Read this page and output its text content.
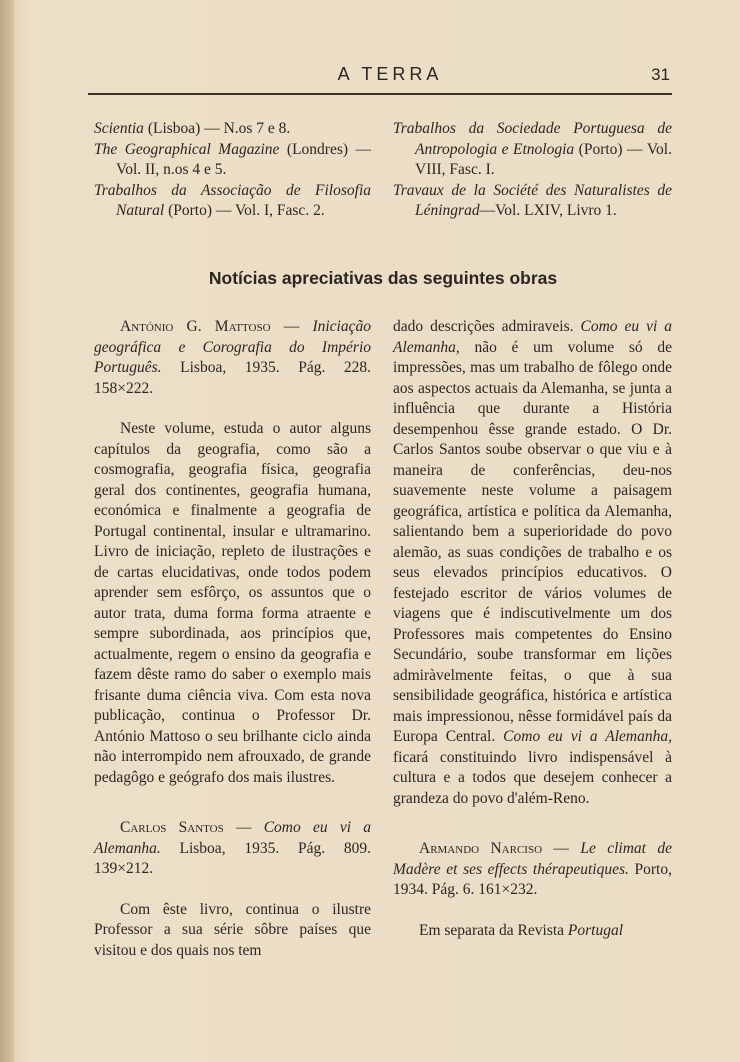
A TERRA	31

Scientia (Lisboa) — N.os 7 e 8.

The Geographical Magazine (Londres) — Vol. II, n.os 4 e 5.

Trabalhos da Associação de Filosofia Natural (Porto) — Vol. I, Fasc. 2.

Trabalhos da Sociedade Portuguesa de Antropologia e Etnologia (Porto) — Vol. VIII, Fasc. I.

Travaux de la Société des Naturalistes de Léningrad—Vol. LXIV, Livro 1.

Notícias apreciativas das seguintes obras

António G. Mattoso — Iniciação geográfica e Corografia do Império Português. Lisboa, 1935. Pág. 228. 158×222.

Neste volume, estuda o autor alguns capítulos da geografia, como são a cosmografia, geografia física, geografia geral dos continentes, geografia humana, económica e finalmente a geografia de Portugal continental, insular e ultramarino. Livro de iniciação, repleto de ilustrações e de cartas elucidativas, onde todos podem aprender sem esfôrço, os assuntos que o autor trata, duma forma forma atraente e sempre subordinada, aos princípios que, actualmente, regem o ensino da geografia e fazem dêste ramo do saber o exemplo mais frisante duma ciência viva. Com esta nova publicação, continua o Professor Dr. António Mattoso o seu brilhante ciclo ainda não interrompido nem afrouxado, de grande pedagôgo e geógrafo dos mais ilustres.

Carlos Santos — Como eu vi a Alemanha. Lisboa, 1935. Pág. 809. 139×212.

Com êste livro, continua o ilustre Professor a sua série sôbre países que visitou e dos quais nos tem

dado descrições admiraveis. Como eu vi a Alemanha, não é um volume só de impressões, mas um trabalho de fôlego onde aos aspectos actuais da Alemanha, se junta a influência que durante a História desempenhou êsse grande estado. O Dr. Carlos Santos soube observar o que viu e à maneira de conferências, deu-nos suavemente neste volume a paisagem geográfica, artística e política da Alemanha, salientando bem a superioridade do povo alemão, as suas condições de trabalho e os seus elevados princípios educativos. O festejado escritor de vários volumes de viagens que é indiscutivelmente um dos Professores mais competentes do Ensino Secundário, soube transformar em lições admiràvelmente feitas, o que à sua sensibilidade geográfica, histórica e artística mais impressionou, nêsse formidável país da Europa Central. Como eu vi a Alemanha, ficará constituindo livro indispensável à cultura e a todos que desejem conhecer a grandeza do povo d'além-Reno.

Armando Narciso — Le climat de Madère et ses effects thérapeutiques. Porto, 1934. Pág. 6. 161×232.

Em separata da Revista Portugal
